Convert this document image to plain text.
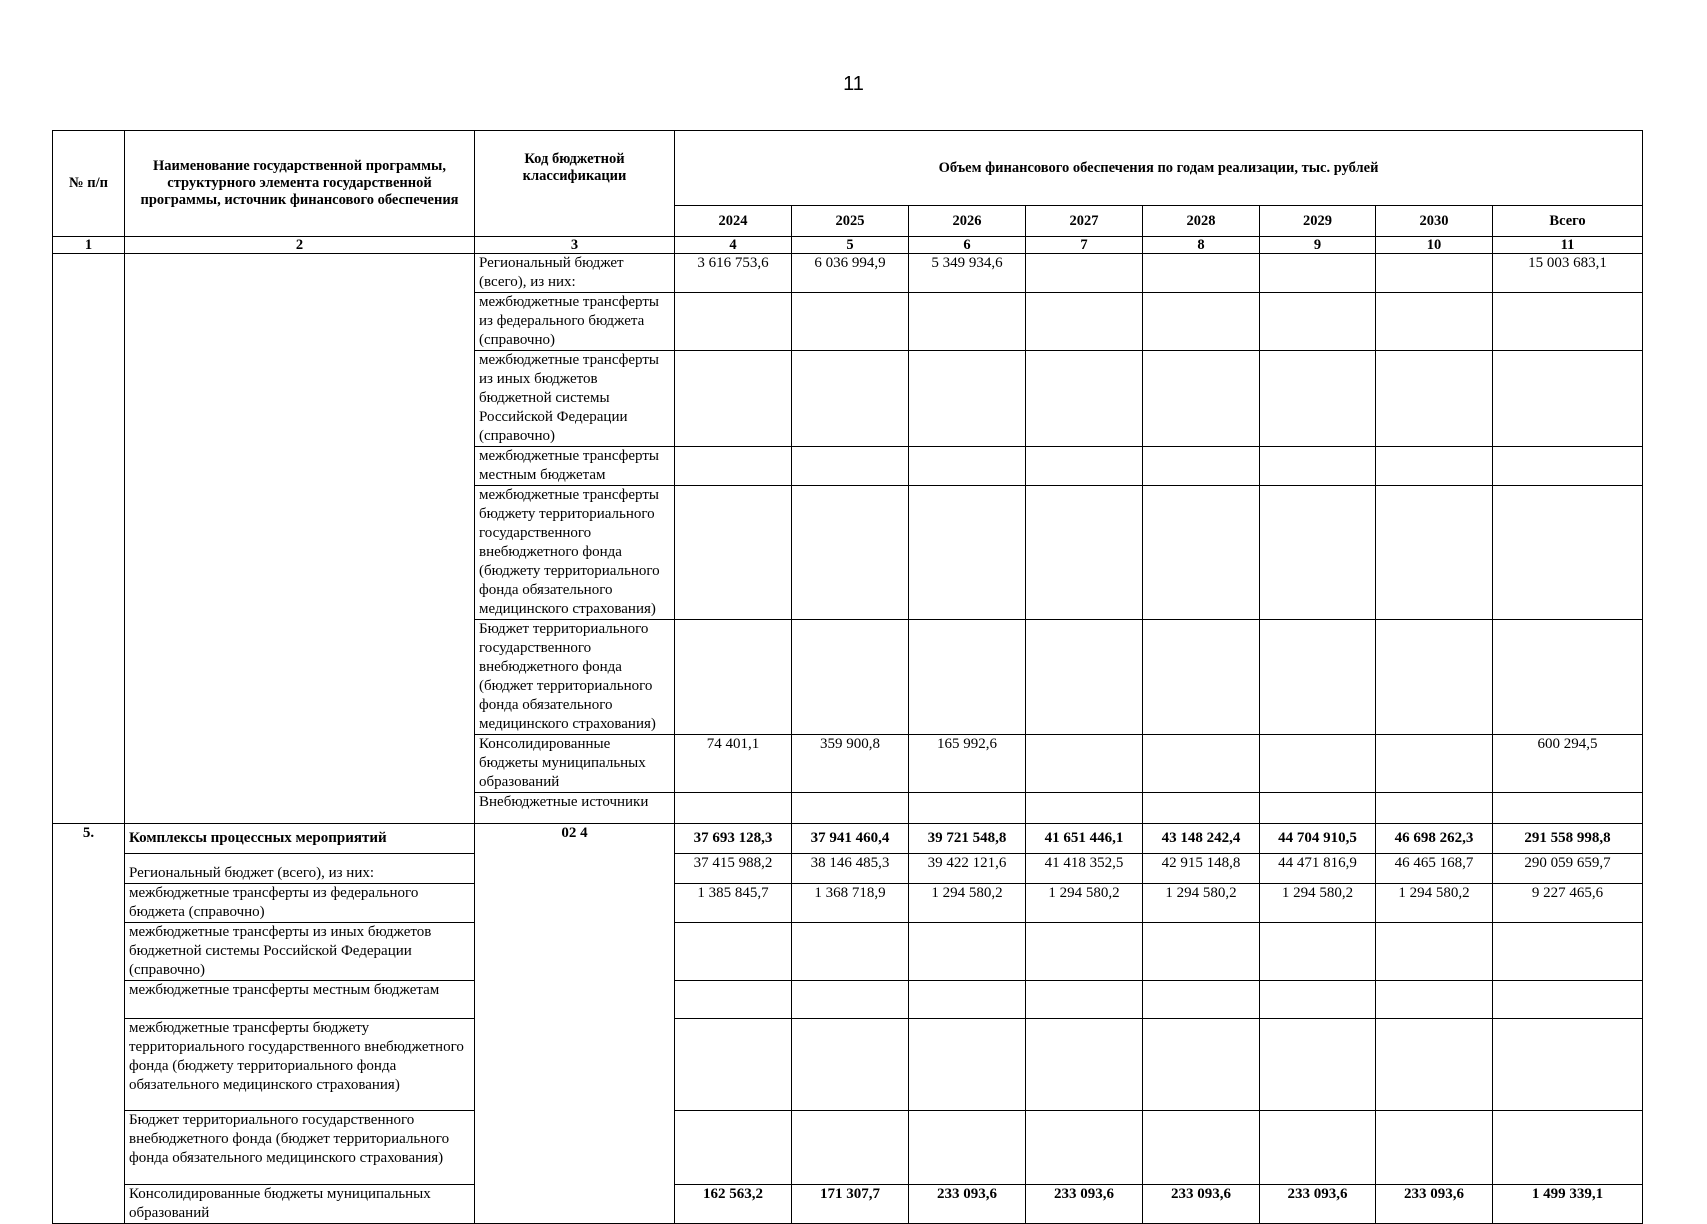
11
№ п/п	Наименование государственной программы, структурного элемента государственной программы, источник финансового обеспечения	Код бюджетной классификации	Объем финансового обеспечения по годам реализации, тыс. рублей							
			2024	2025	2026	2027	2028	2029	2030	Всего
1	2	3	4	5	6	7	8	9	10	11
		Региональный бюджет (всего), из них:	3 616 753,6	6 036 994,9	5 349 934,6					15 003 683,1
		межбюджетные трансферты из федерального бюджета (справочно)								
		межбюджетные трансферты из иных бюджетов бюджетной системы Российской Федерации (справочно)								
		межбюджетные трансферты местным бюджетам								
		межбюджетные трансферты бюджету территориального государственного внебюджетного фонда (бюджету территориального фонда обязательного медицинского страхования)								
		Бюджет территориального государственного внебюджетного фонда (бюджет территориального фонда обязательного медицинского страхования)								
		Консолидированные бюджеты муниципальных образований	74 401,1	359 900,8	165 992,6					600 294,5
		Внебюджетные источники								
5.	Комплексы процессных мероприятий	02 4	37 693 128,3	37 941 460,4	39 721 548,8	41 651 446,1	43 148 242,4	44 704 910,5	46 698 262,3	291 558 998,8
	Региональный бюджет (всего), из них:		37 415 988,2	38 146 485,3	39 422 121,6	41 418 352,5	42 915 148,8	44 471 816,9	46 465 168,7	290 059 659,7
	межбюджетные трансферты из федерального бюджета (справочно)		1 385 845,7	1 368 718,9	1 294 580,2	1 294 580,2	1 294 580,2	1 294 580,2	1 294 580,2	9 227 465,6
	межбюджетные трансферты из иных бюджетов бюджетной системы Российской Федерации (справочно)									
	межбюджетные трансферты местным бюджетам									
	межбюджетные трансферты бюджету территориального государственного внебюджетного фонда (бюджету территориального фонда обязательного медицинского страхования)									
	Бюджет территориального государственного внебюджетного фонда (бюджет территориального фонда обязательного медицинского страхования)									
	Консолидированные бюджеты муниципальных образований		162 563,2	171 307,7	233 093,6	233 093,6	233 093,6	233 093,6	233 093,6	1 499 339,1
